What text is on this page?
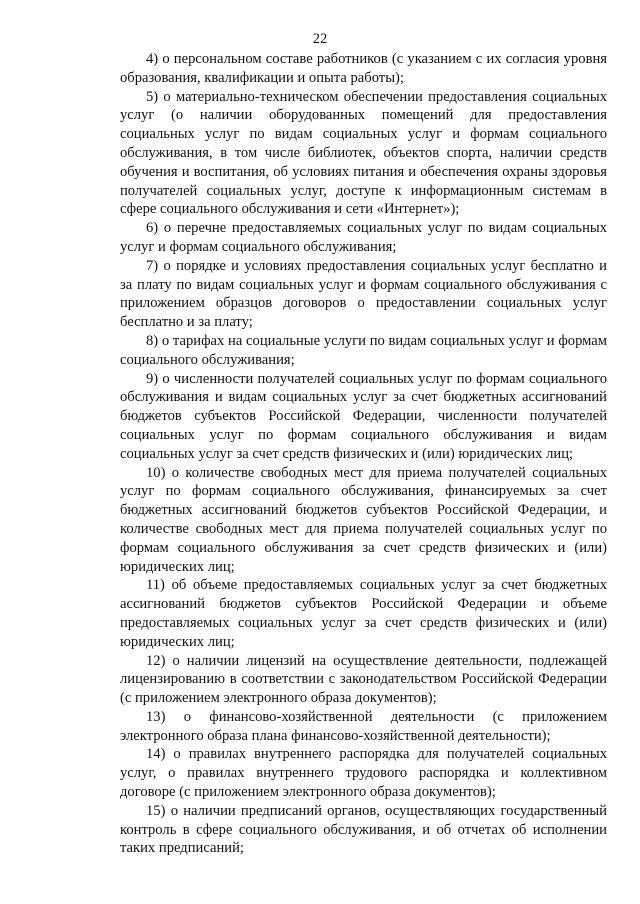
22

4) о персональном составе работников (с указанием с их согласия уровня образования, квалификации и опыта работы);

5) о материально-техническом обеспечении предоставления социальных услуг (о наличии оборудованных помещений для предоставления социальных услуг по видам социальных услуг и формам социального обслуживания, в том числе библиотек, объектов спорта, наличии средств обучения и воспитания, об условиях питания и обеспечения охраны здоровья получателей социальных услуг, доступе к информационным системам в сфере социального обслуживания и сети «Интернет»);

6) о перечне предоставляемых социальных услуг по видам социальных услуг и формам социального обслуживания;

7) о порядке и условиях предоставления социальных услуг бесплатно и за плату по видам социальных услуг и формам социального обслуживания с приложением образцов договоров о предоставлении социальных услуг бесплатно и за плату;

8) о тарифах на социальные услуги по видам социальных услуг и формам социального обслуживания;

9) о численности получателей социальных услуг по формам социального обслуживания и видам социальных услуг за счет бюджетных ассигнований бюджетов субъектов Российской Федерации, численности получателей социальных услуг по формам социального обслуживания и видам социальных услуг за счет средств физических и (или) юридических лиц;

10) о количестве свободных мест для приема получателей социальных услуг по формам социального обслуживания, финансируемых за счет бюджетных ассигнований бюджетов субъектов Российской Федерации, и количестве свободных мест для приема получателей социальных услуг по формам социального обслуживания за счет средств физических и (или) юридических лиц;

11) об объеме предоставляемых социальных услуг за счет бюджетных ассигнований бюджетов субъектов Российской Федерации и объеме предоставляемых социальных услуг за счет средств физических и (или) юридических лиц;

12) о наличии лицензий на осуществление деятельности, подлежащей лицензированию в соответствии с законодательством Российской Федерации (с приложением электронного образа документов);

13) о финансово-хозяйственной деятельности (с приложением электронного образа плана финансово-хозяйственной деятельности);

14) о правилах внутреннего распорядка для получателей социальных услуг, о правилах внутреннего трудового распорядка и коллективном договоре (с приложением электронного образа документов);

15) о наличии предписаний органов, осуществляющих государственный контроль в сфере социального обслуживания, и об отчетах об исполнении таких предписаний;
